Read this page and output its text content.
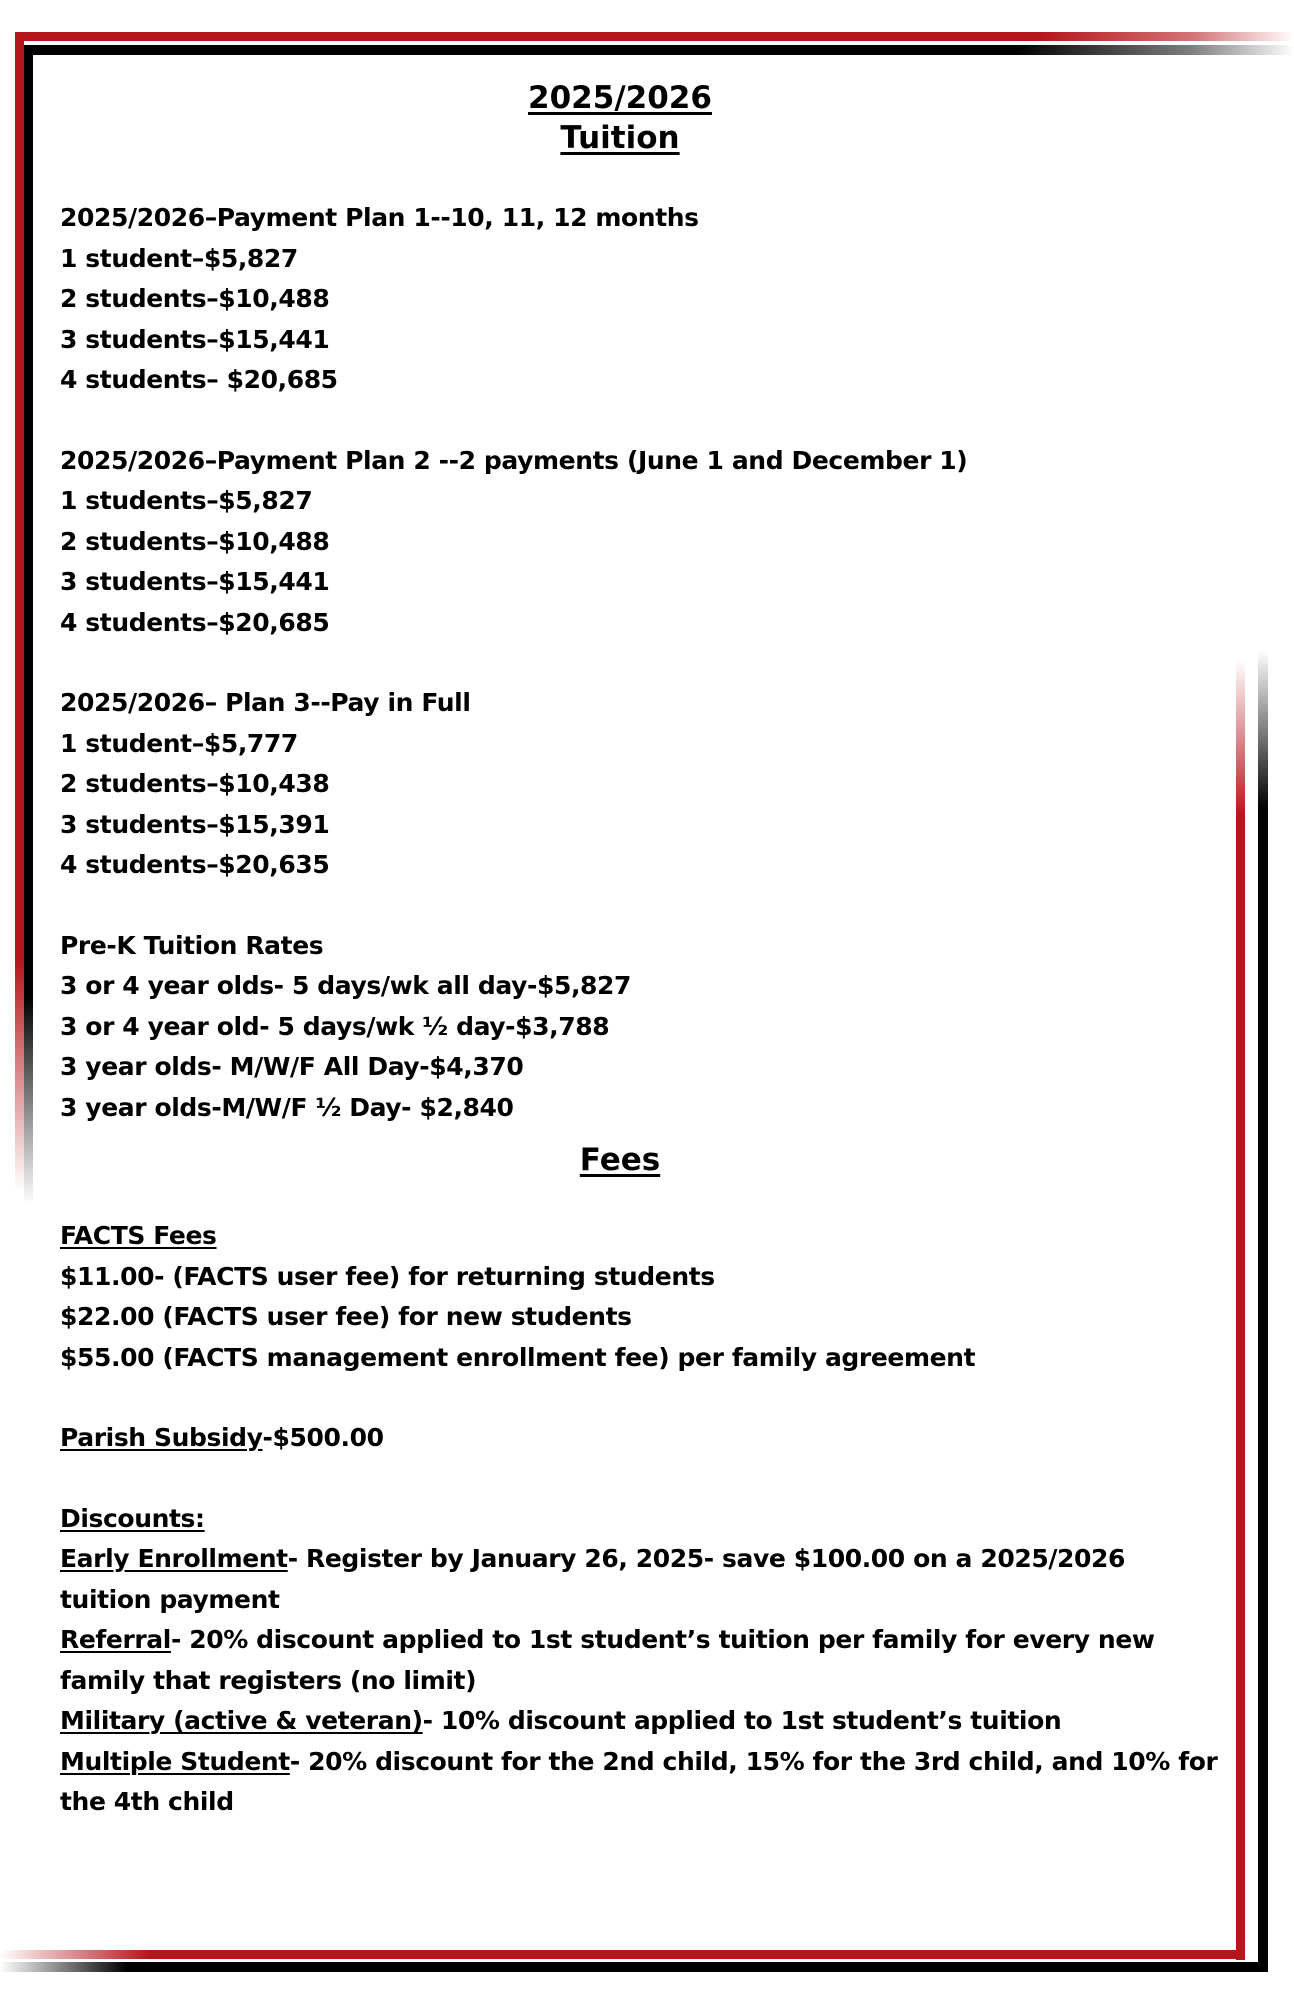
2025/2026
Tuition
2025/2026–Payment Plan 1--10, 11, 12 months
1 student–$5,827
2 students–$10,488
3 students–$15,441
4 students– $20,685
2025/2026–Payment Plan 2 --2 payments (June 1 and December 1)
1 students–$5,827
2 students–$10,488
3 students–$15,441
4 students–$20,685
2025/2026– Plan 3--Pay in Full
1 student–$5,777
2 students–$10,438
3 students–$15,391
4 students–$20,635
Pre-K Tuition Rates
3 or 4 year olds- 5 days/wk all day-$5,827
3 or 4 year old- 5 days/wk ½ day-$3,788
3 year olds- M/W/F All Day-$4,370
3 year olds-M/W/F ½ Day- $2,840
Fees
FACTS Fees
$11.00- (FACTS user fee) for returning students
$22.00 (FACTS user fee) for new students
$55.00 (FACTS management enrollment fee) per family agreement
Parish Subsidy-$500.00
Discounts:
Early Enrollment- Register by January 26, 2025- save $100.00 on a 2025/2026 tuition payment
Referral- 20% discount applied to 1st student’s tuition per family for every new family that registers (no limit)
Military (active & veteran)- 10% discount applied to 1st student’s tuition
Multiple Student- 20% discount for the 2nd child, 15% for the 3rd child, and 10% for the 4th child
